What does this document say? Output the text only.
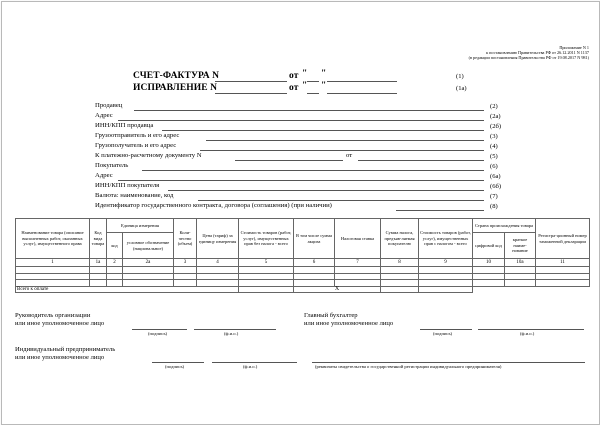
Приложение N 1
к постановлению Правительства РФ от 26.12.2011 N 1137
(в редакции постановления Правительства РФ от 19.08.2017 N 981)
СЧЕТ-ФАКТУРА N	от " "	(1)
ИСПРАВЛЕНИЕ N	от " "	(1а)
Продавец	(2)
Адрес	(2а)
ИНН/КПП продавца	(2б)
Грузоотправитель и его адрес	(3)
Грузополучатель и его адрес	(4)
К платежно-расчетному документу N	от	(5)
Покупатель	(6)
Адрес	(6а)
ИНН/КПП покупателя	(6б)
Валюта: наименование, код	(7)
Идентификатор государственного контракта, договора (соглашения) (при наличии)	(8)
Наименование товара (описание выполненных работ, оказанных услуг), имущественного права	Код вида товара	Единица измерения		Коли-чество (объем)	Цена (тариф) за единицу измерения	Стоимость товаров (работ, услуг), имущественных прав без налога - всего	В том числе сумма акциза	Налоговая ставка	Сумма налога, предъяв-ляемая покупателю	Стоимость товаров (работ, услуг), имущественных прав с налогом - всего	Страна происхождения товара		Регистра-ционный номер таможенной декларации
		код	условное обозначение (национальное)								цифровой код	краткое наиме-нование	
1	1а	2	2а	3	4	5	6	7	8	9	10	10а	11

Всего к оплате							Х						
Руководитель организации
или иное уполномоченное лицо
(подпись)	(ф.и.о.)
Главный бухгалтер
или иное уполномоченное лицо
(подпись)	(ф.и.о.)
Индивидуальный предприниматель
или иное уполномоченное лицо
(подпись)	(ф.и.о.)	(реквизиты свидетельства о государственной регистрации индивидуального предпринимателя)
